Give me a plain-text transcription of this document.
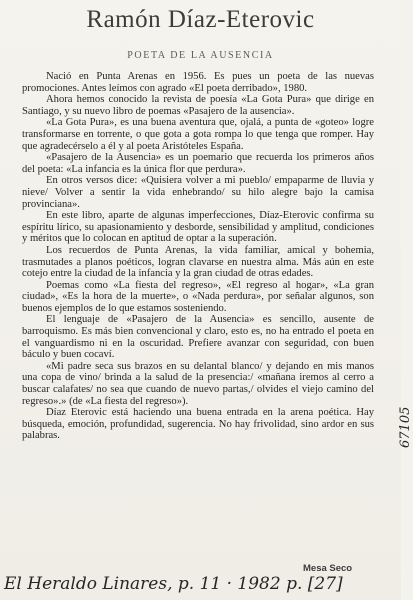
Ramón Díaz-Eterovic
POETA DE LA AUSENCIA

Nació en Punta Arenas en 1956. Es pues un poeta de las nuevas promociones. Antes leímos con agrado «El poeta derribado», 1980.

Ahora hemos conocido la revista de poesía «La Gota Pura» que dirige en Santiago, y su nuevo libro de poemas «Pasajero de la ausencia».

«La Gota Pura», es una buena aventura que, ojalá, a punta de «goteo» logre transformarse en torrente, o que gota a gota rompa lo que tenga que romper. Hay que agradecérselo a él y al poeta Aristóteles España.

«Pasajero de la Ausencia» es un poemario que recuerda los primeros años del poeta: «La infancia es la única flor que perdura».

En otros versos dice: «Quisiera volver a mi pueblo/ empaparme de lluvia y nieve/ Volver a sentir la vida enhebrando/ su hilo alegre bajo la camisa provinciana».

En este libro, aparte de algunas imperfecciones, Díaz-Eterovic confirma su espíritu lírico, su apasionamiento y desborde, sensibilidad y amplitud, condiciones y méritos que lo colocan en aptitud de optar a la superación.

Los recuerdos de Punta Arenas, la vida familiar, amical y bohemia, trasmutades a planos poéticos, logran clavarse en nuestra alma. Más aún en este cotejo entre la ciudad de la infancia y la gran ciudad de otras edades.

Poemas como «La fiesta del regreso», «El regreso al hogar», «La gran ciudad», «Es la hora de la muerte», o «Nada perdura», por señalar algunos, son buenos ejemplos de lo que estamos sosteniendo.

El lenguaje de «Pasajero de la Ausencia» es sencillo, ausente de barroquismo. Es más bien convencional y claro, esto es, no ha entrado el poeta en el vanguardismo ni en la oscuridad. Prefiere avanzar con seguridad, con buen báculo y buen cocaví.

«Mi padre seca sus brazos en su delantal blanco/ y dejando en mis manos una copa de vino/ brinda a la salud de la presencia:/ «mañana iremos al cerro a buscar calafates/ no sea que cuando de nuevo partas,/ olvides el viejo camino del regreso».» (de «La fiesta del regreso»).

Díaz Eterovic está haciendo una buena entrada en la arena poética. Hay búsqueda, emoción, profundidad, sugerencia. No hay frivolidad, sino ardor en sus palabras.

Mesa Seco
67105
El Heraldo Linares, p. 11 · 1982 p. [27]
